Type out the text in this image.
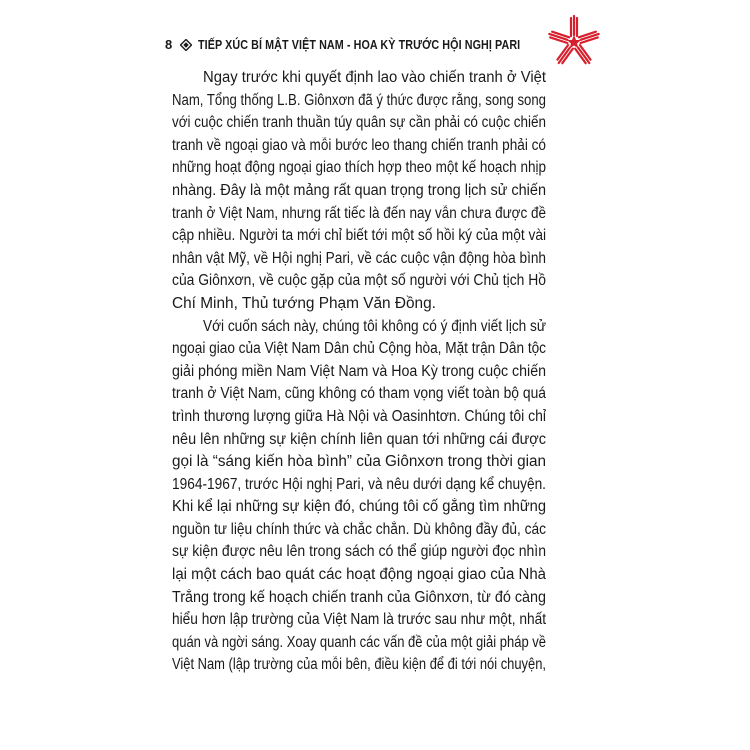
8 TIẾP XÚC BÍ MẬT VIỆT NAM - HOA KỲ TRƯỚC HỘI NGHỊ PARI
Ngay trước khi quyết định lao vào chiến tranh ở Việt
Nam, Tổng thống L.B. Giônxơn đã ý thức được rằng, song song
với cuộc chiến tranh thuần túy quân sự cần phải có cuộc chiến
tranh về ngoại giao và mỗi bước leo thang chiến tranh phải có
những hoạt động ngoại giao thích hợp theo một kế hoạch nhịp
nhàng. Đây là một mảng rất quan trọng trong lịch sử chiến
tranh ở Việt Nam, nhưng rất tiếc là đến nay vẫn chưa được đề
cập nhiều. Người ta mới chỉ biết tới một số hồi ký của một vài
nhân vật Mỹ, về Hội nghị Pari, về các cuộc vận động hòa bình
của Giônxơn, về cuộc gặp của một số người với Chủ tịch Hồ
Chí Minh, Thủ tướng Phạm Văn Đồng.
Với cuốn sách này, chúng tôi không có ý định viết lịch sử
ngoại giao của Việt Nam Dân chủ Cộng hòa, Mặt trận Dân tộc
giải phóng miền Nam Việt Nam và Hoa Kỳ trong cuộc chiến
tranh ở Việt Nam, cũng không có tham vọng viết toàn bộ quá
trình thương lượng giữa Hà Nội và Oasinhtơn. Chúng tôi chỉ
nêu lên những sự kiện chính liên quan tới những cái được
gọi là “sáng kiến hòa bình” của Giônxơn trong thời gian
1964-1967, trước Hội nghị Pari, và nêu dưới dạng kể chuyện.
Khi kể lại những sự kiện đó, chúng tôi cố gắng tìm những
nguồn tư liệu chính thức và chắc chắn. Dù không đầy đủ, các
sự kiện được nêu lên trong sách có thể giúp người đọc nhìn
lại một cách bao quát các hoạt động ngoại giao của Nhà
Trắng trong kế hoạch chiến tranh của Giônxơn, từ đó càng
hiểu hơn lập trường của Việt Nam là trước sau như một, nhất
quán và ngời sáng. Xoay quanh các vấn đề của một giải pháp về
Việt Nam (lập trường của mỗi bên, điều kiện để đi tới nói chuyện,
